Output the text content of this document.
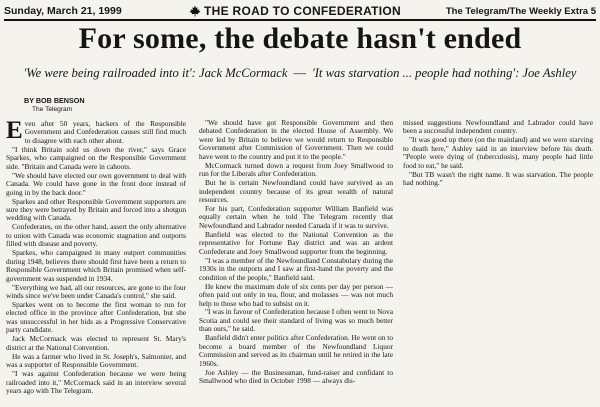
Sunday, March 21, 1999	THE ROAD TO CONFEDERATION	The Telegram/The Weekly Extra 5
For some, the debate hasn't ended
'We were being railroaded into it': Jack McCormack — 'It was starvation ... people had nothing': Joe Ashley
BY BOB BENSON
The Telegram

Even after 50 years, backers of the Responsible Government and Confederation causes still find much to disagree with each other about.

"I think Britain sold us down the river," says Grace Sparkes, who campaigned on the Responsible Government side. "Britain and Canada were in cahoots.

"We should have elected our own government to deal with Canada. We could have gone in the front door instead of going in by the back door."

Sparkes and other Responsible Government supporters are sure they were betrayed by Britain and forced into a shotgun wedding with Canada.

Confederates, on the other hand, assert the only alternative to union with Canada was economic stagnation and outports filled with disease and poverty.

Sparkes, who campaigned in many outport communities during 1948, believes there should first have been a return to Responsible Government which Britain promised when self-government was suspended in 1934.

"Everything we had, all our resources, are gone to the four winds since we've been under Canada's control," she said.

Sparkes went on to become the first woman to run for elected office in the province after Confederation, but she was unsuccessful in her bids as a Progressive Conservative party candidate.

Jack McCormack was elected to represent St. Mary's district at the National Convention.

He was a farmer who lived in St. Joseph's, Salmonier, and was a supporter of Responsible Government.

"I was against Confederation because we were being railroaded into it," McCormack said in an interview several years ago with The Telegram.

"We should have got Responsible Government and then debated Confederation in the elected House of Assembly. We were led by Britain to believe we would return to Responsible Government after Commission of Government. Then we could have went to the country and put it to the people."

McCormack turned down a request from Joey Smallwood to run for the Liberals after Confederation.

But he is certain Newfoundland could have survived as an independent country because of its great wealth of natural resources.

For his part, Confederation supporter William Banfield was equally certain when he told The Telegram recently that Newfoundland and Labrador needed Canada if it was to survive.

Banfield was elected to the National Convention as the representative for Fortune Bay district and was an ardent Confederate and Joey Smallwood supporter from the beginning.

"I was a member of the Newfoundland Constabulary during the 1930s in the outports and I saw at first-hand the poverty and the condition of the people," Banfield said.

He knew the maximum dole of six cents per day per person — often paid out only in tea, flour, and molasses — was not much help to those who had to subsist on it.

"I was in favour of Confederation because I often went to Nova Scotia and could see their standard of living was so much better than ours," he said.

Banfield didn't enter politics after Confederation. He went on to become a board member of the Newfoundland Liquor Commission and served as its chairman until he retired in the late 1960s.

Joe Ashley — the Businessman, fund-raiser and confidant to Smallwood who died in October 1998 — always dis-

missed suggestions Newfoundland and Labrador could have been a successful independent country.

"It was good up there (on the mainland) and we were starving to death here," Ashley said in an interview before his death. "People were dying of (tuberculosis), many people had little food to eat," he said.

"But TB wasn't the right name. It was starvation. The people had nothing."
